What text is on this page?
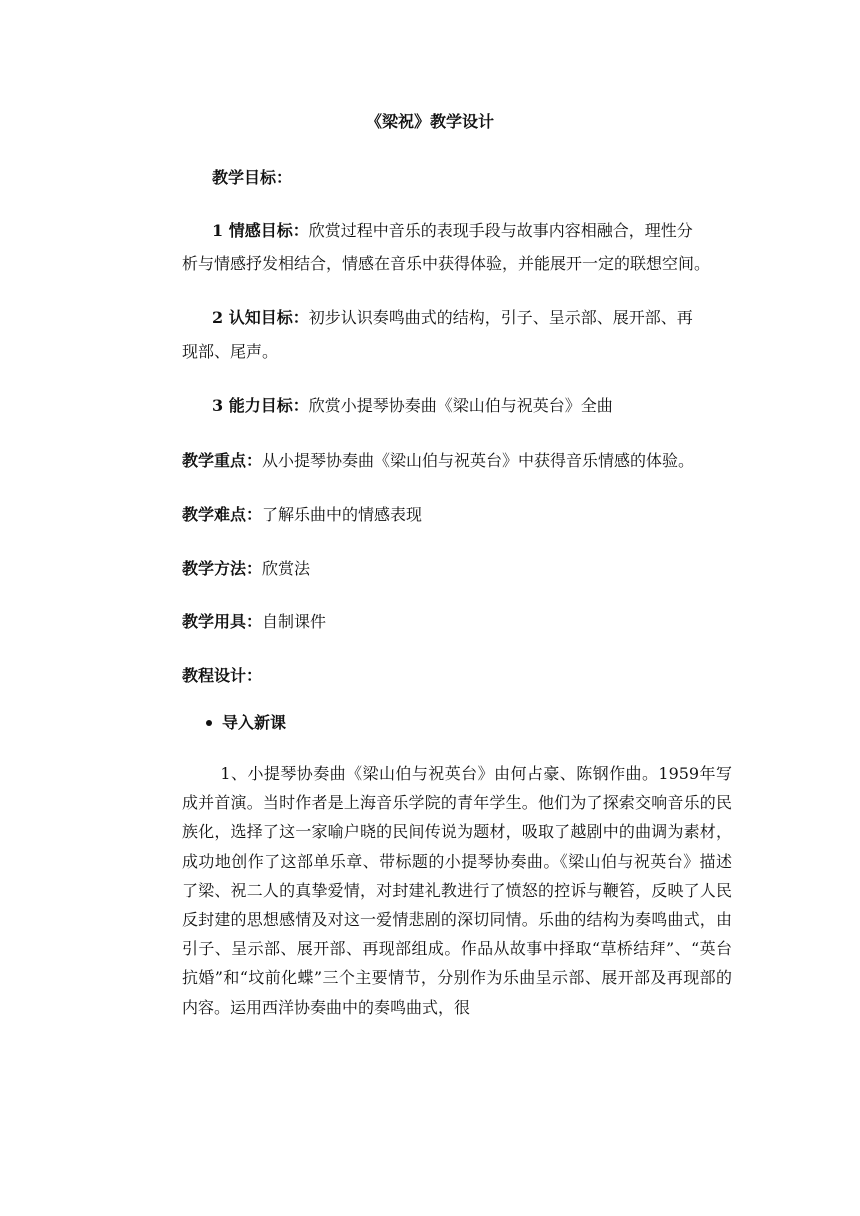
《梁祝》教学设计
教学目标：
1 情感目标：欣赏过程中音乐的表现手段与故事内容相融合，理性分
析与情感抒发相结合，情感在音乐中获得体验，并能展开一定的联想空间。
2 认知目标：初步认识奏鸣曲式的结构，引子、呈示部、展开部、再
现部、尾声。
3 能力目标：欣赏小提琴协奏曲《梁山伯与祝英台》全曲
教学重点：从小提琴协奏曲《梁山伯与祝英台》中获得音乐情感的体验。
教学难点：了解乐曲中的情感表现
教学方法：欣赏法
教学用具：自制课件
教程设计：
导入新课

1、小提琴协奏曲《梁山伯与祝英台》由何占豪、陈钢作曲。1959年写成并首演。当时作者是上海音乐学院的青年学生。他们为了探索交响音乐的民族化，选择了这一家喻户晓的民间传说为题材，吸取了越剧中的曲调为素材，成功地创作了这部单乐章、带标题的小提琴协奏曲。《梁山伯与祝英台》描述了梁、祝二人的真挚爱情，对封建礼教进行了愤怒的控诉与鞭笞，反映了人民反封建的思想感情及对这一爱情悲剧的深切同情。乐曲的结构为奏鸣曲式，由引子、呈示部、展开部、再现部组成。作品从故事中择取“草桥结拜”、“英台抗婚”和“坟前化蝶”三个主要情节，分别作为乐曲呈示部、展开部及再现部的内容。运用西洋协奏曲中的奏鸣曲式，很
